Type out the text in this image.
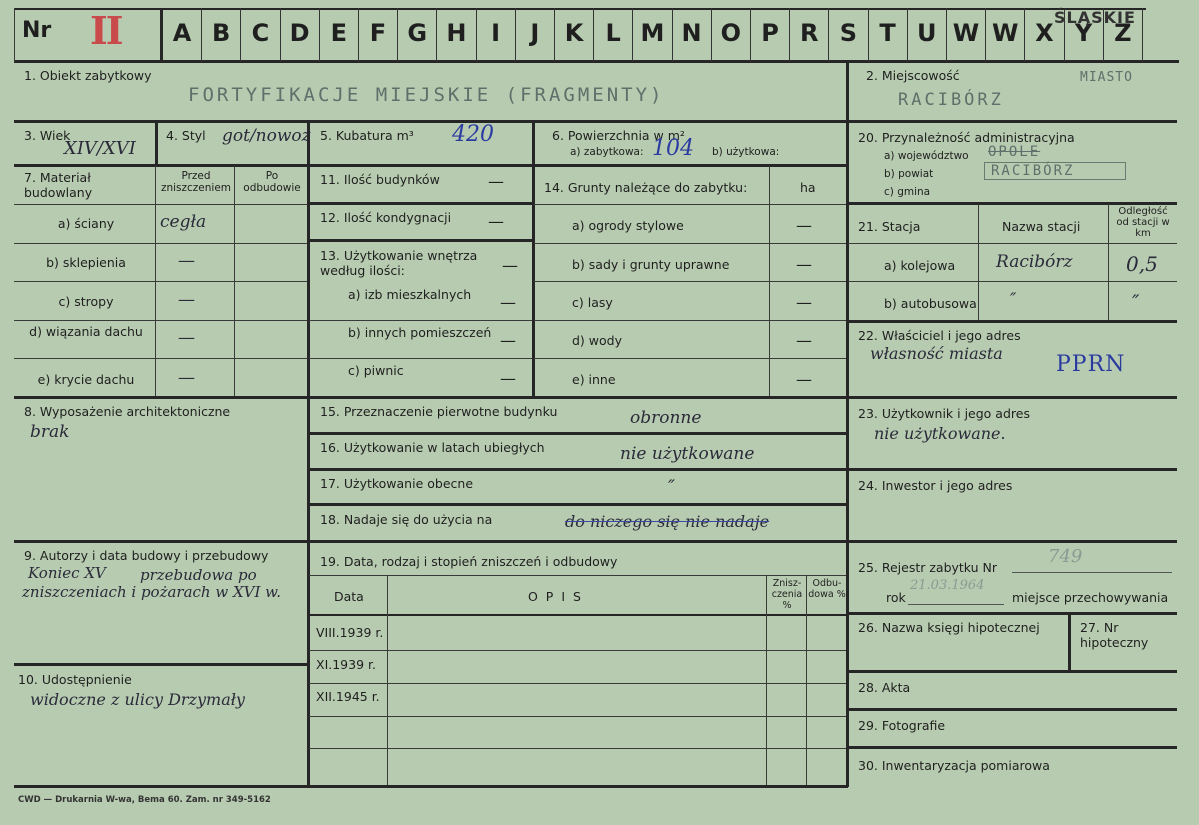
Nr II	A B C D E F G H	I	J	K L M N O P R S T U W W X Y Z
ŚLĄSKIE
1. Obiekt zabytkowy
FORTYFIKACJE MIEJSKIE (FRAGMENTY)
2. Miejscowość
RACIBÓRZ
MIASTO
3. Wiek
XIV/XVI
4. Styl got/nowoż 5. Kubatura m³ 420	6. Powierzchnia w m²
a) zabytkowa: 104 b) użytkowa:
7. Materiał budowlany
Przed zniszczeniem
Po odbudowie
a) ściany	cegła
b) sklepienia	—
c) stropy	—
d) wiązania dachu	—
e) krycie dachu	—
8. Wyposażenie architektoniczne
brak
9. Autorzy i data budowy i przebudowy
Koniec XV przebudowa po
zniszczeniach i pożarach w XVI w.
10. Udostępnienie
widoczne z ulicy Drzymały
11. Ilość budynków	—
12. Ilość kondygnacji —
13. Użytkowanie wnętrza według ilości:	—
a) izb mieszkalnych —
b) innych pomieszczeń —
c) piwnic	—
14. Grunty należące do zabytku:	ha
a) ogrody stylowe	—
b) sady i grunty uprawne	—
c) lasy	—
d) wody	—
e) inne	—
15. Przeznaczenie pierwotne budynku	obronne
16. Użytkowanie w latach ubiegłych	nie użytkowane
17. Użytkowanie obecne	″
18. Nadaje się do użycia na	do niczego się nie nadaje
19. Data, rodzaj i stopień zniszczeń i odbudowy
Data	O P I S
Znisz-czenia %
Odbu-dowa %
VIII.1939 r.
XI.1939 r.
XII.1945 r.
20. Przynależność administracyjna
a) województwo OPOLE
b) powiat	RACIBÓRZ
c) gmina
21. Stacja	Nazwa stacji
Odległość od stacji w km
a) kolejowa Racibórz	0,5
b) autobusowa ″	″
22. Właściciel i jego adres
własność miasta PPRN
23. Użytkownik i jego adres
nie użytkowane.
24. Inwestor i jego adres
25. Rejestr zabytku Nr
749
rok
21.03.1964
miejsce przechowywania
26. Nazwa księgi hipotecznej	27. Nr hipoteczny
28. Akta
29. Fotografie
30. Inwentaryzacja pomiarowa
CWD — Drukarnia W-wa, Bema 60. Zam. nr 349-5162
